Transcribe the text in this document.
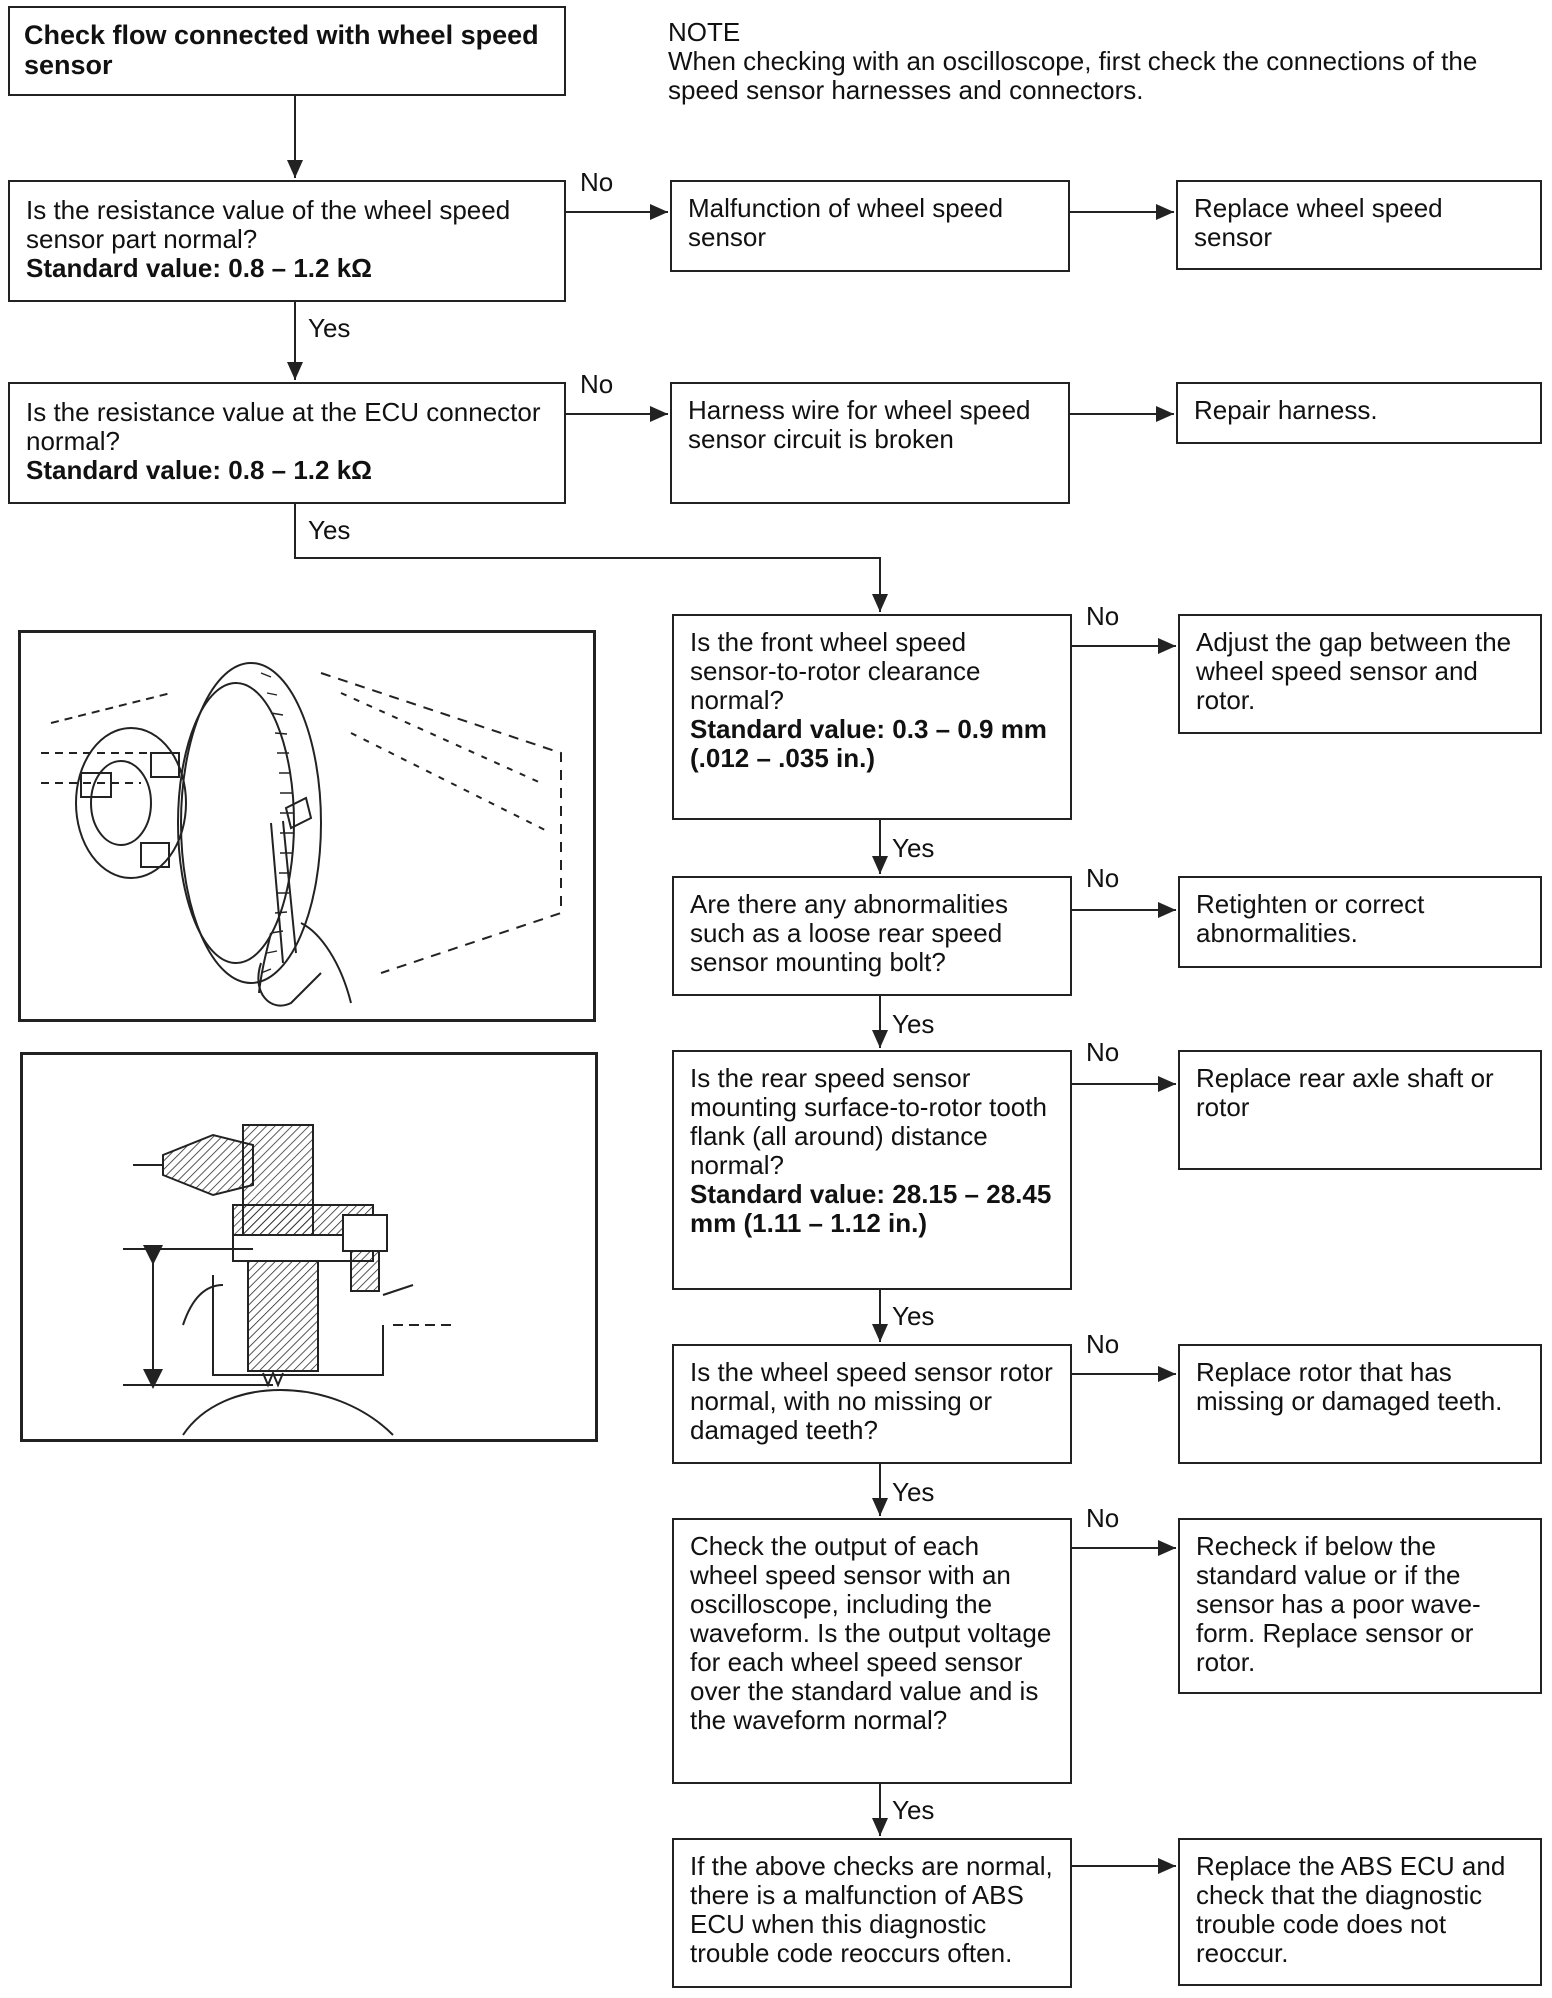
Check flow connected with wheel speed sensor
NOTE
When checking with an oscilloscope, first check the connections of the speed sensor harnesses and connectors.
Is the resistance value of the wheel speed sensor part normal?
Standard value: 0.8 – 1.2 kΩ
No
Malfunction of wheel speed sensor
Replace wheel speed sensor
Yes
Is the resistance value at the ECU connector normal?
Standard value: 0.8 – 1.2 kΩ
No
Harness wire for wheel speed sensor circuit is broken
Repair harness.
Yes
Is the front wheel speed sensor-to-rotor clearance normal?
Standard value: 0.3 – 0.9 mm (.012 – .035 in.)
No
Adjust the gap between the wheel speed sensor and rotor.
Yes
Are there any abnormalities such as a loose rear speed sensor mounting bolt?
No
Retighten or correct abnormalities.
Yes
Is the rear speed sensor mounting surface-to-rotor tooth flank (all around) distance normal?
Standard value: 28.15 – 28.45 mm (1.11 – 1.12 in.)
No
Replace rear axle shaft or rotor
Yes
Is the wheel speed sensor rotor normal, with no missing or damaged teeth?
No
Replace rotor that has missing or damaged teeth.
Yes
Check the output of each wheel speed sensor with an oscilloscope, including the waveform. Is the output voltage for each wheel speed sensor over the standard value and is the waveform normal?
No
Recheck if below the standard value or if the sensor has a poor wave-form. Replace sensor or rotor.
Yes
If the above checks are normal, there is a malfunction of ABS ECU when this diagnostic trouble code reoccurs often.
Replace the ABS ECU and check that the diagnostic trouble code does not reoccur.
